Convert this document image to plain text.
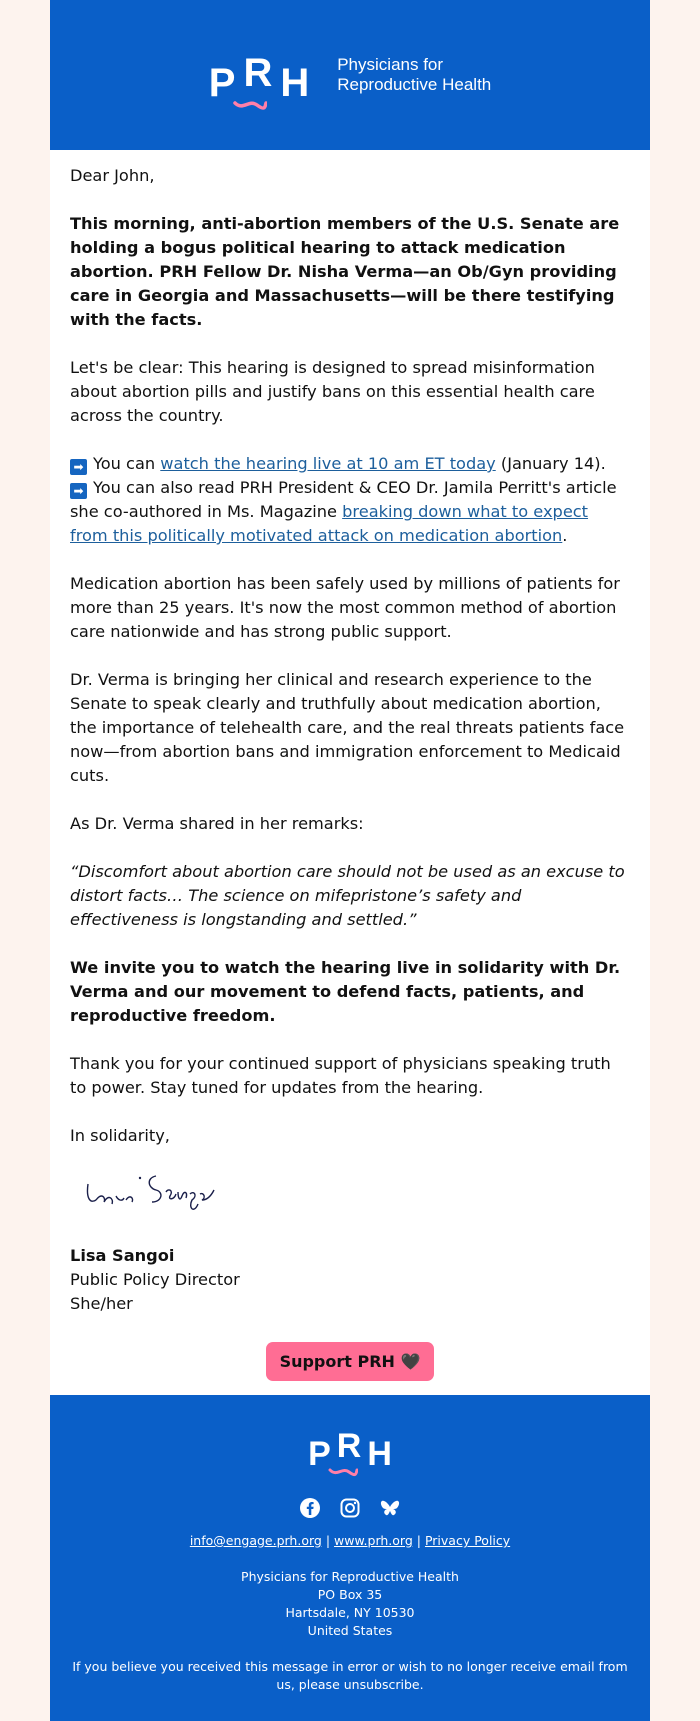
P R H Physicians for
Reproductive Health

Dear John,

This morning, anti-abortion members of the U.S. Senate are holding a bogus political hearing to attack medication abortion. PRH Fellow Dr. Nisha Verma—an Ob/Gyn providing care in Georgia and Massachusetts—will be there testifying with the facts.

Let's be clear: This hearing is designed to spread misinformation about abortion pills and justify bans on this essential health care across the country.

➡ You can watch the hearing live at 10 am ET today (January 14).
➡ You can also read PRH President & CEO Dr. Jamila Perritt's article she co-authored in Ms. Magazine breaking down what to expect from this politically motivated attack on medication abortion.

Medication abortion has been safely used by millions of patients for more than 25 years. It's now the most common method of abortion care nationwide and has strong public support.

Dr. Verma is bringing her clinical and research experience to the Senate to speak clearly and truthfully about medication abortion, the importance of telehealth care, and the real threats patients face now—from abortion bans and immigration enforcement to Medicaid cuts.

As Dr. Verma shared in her remarks:

“Discomfort about abortion care should not be used as an excuse to distort facts… The science on mifepristone’s safety and effectiveness is longstanding and settled.”

We invite you to watch the hearing live in solidarity with Dr. Verma and our movement to defend facts, patients, and reproductive freedom.

Thank you for your continued support of physicians speaking truth to power. Stay tuned for updates from the hearing.

In solidarity,

Lisa Sangoi

Public Policy Director

She/her

Support PRH 🖤
P R H
info@engage.prh.org | www.prh.org | Privacy Policy
Physicians for Reproductive Health
PO Box 35
Hartsdale, NY 10530
United States
If you believe you received this message in error or wish to no longer receive email from us, please unsubscribe.
